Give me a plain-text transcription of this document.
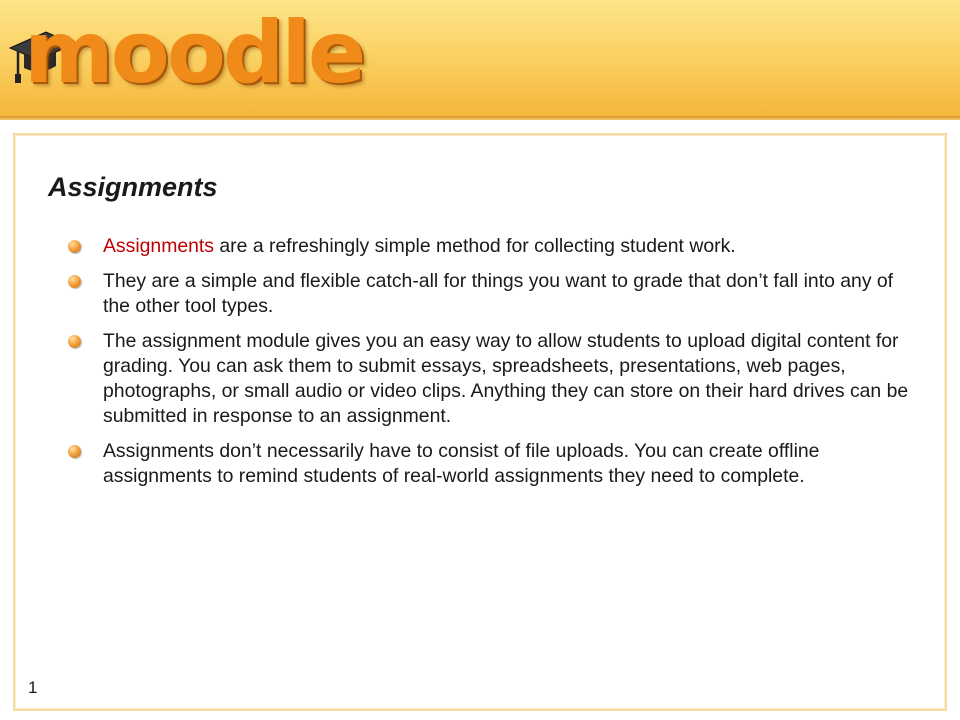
moodle
Assignments
Assignments are a refreshingly simple method for collecting student work.
They are a simple and flexible catch-all for things you want to grade that don’t fall into any of the other tool types.
The assignment module gives you an easy way to allow students to upload digital content for grading. You can ask them to submit essays, spreadsheets, presentations, web pages, photographs, or small audio or video clips. Anything they can store on their hard drives can be submitted in response to an assignment.
Assignments don’t necessarily have to consist of file uploads. You can create offline assignments to remind students of real-world assignments they need to complete.
1
